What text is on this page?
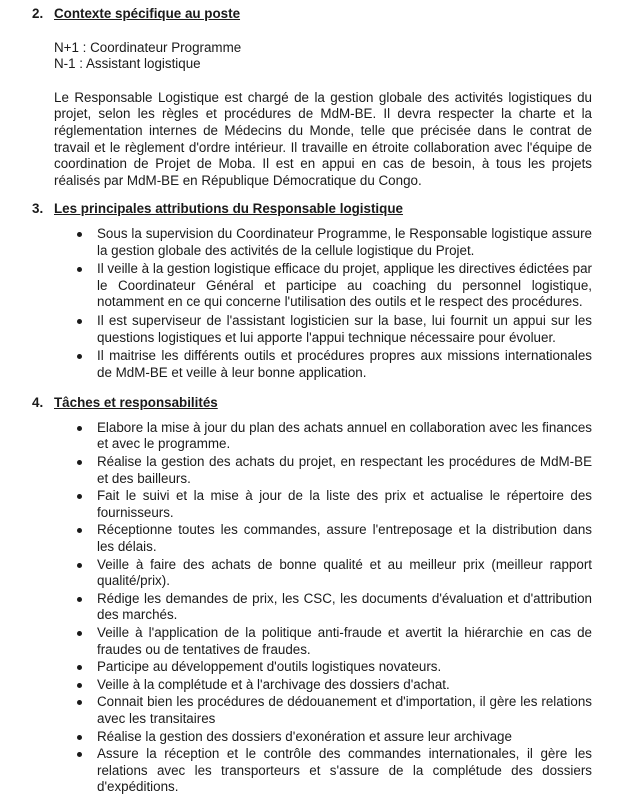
2. Contexte spécifique au poste
N+1 : Coordinateur Programme
N-1 : Assistant logistique

Le Responsable Logistique est chargé de la gestion globale des activités logistiques du projet, selon les règles et procédures de MdM-BE. Il devra respecter la charte et la réglementation internes de Médecins du Monde, telle que précisée dans le contrat de travail et le règlement d'ordre intérieur. Il travaille en étroite collaboration avec l'équipe de coordination de Projet de Moba. Il est en appui en cas de besoin, à tous les projets réalisés par MdM-BE en République Démocratique du Congo.

3. Les principales attributions du Responsable logistique
Sous la supervision du Coordinateur Programme, le Responsable logistique assure la gestion globale des activités de la cellule logistique du Projet.
Il veille à la gestion logistique efficace du projet, applique les directives édictées par le Coordinateur Général et participe au coaching du personnel logistique, notamment en ce qui concerne l'utilisation des outils et le respect des procédures.
Il est superviseur de l'assistant logisticien sur la base, lui fournit un appui sur les questions logistiques et lui apporte l'appui technique nécessaire pour évoluer.
Il maitrise les différents outils et procédures propres aux missions internationales de MdM-BE et veille à leur bonne application.
4. Tâches et responsabilités
Elabore la mise à jour du plan des achats annuel en collaboration avec les finances et avec le programme.
Réalise la gestion des achats du projet, en respectant les procédures de MdM-BE et des bailleurs.
Fait le suivi et la mise à jour de la liste des prix et actualise le répertoire des fournisseurs.
Réceptionne toutes les commandes, assure l'entreposage et la distribution dans les délais.
Veille à faire des achats de bonne qualité et au meilleur prix (meilleur rapport qualité/prix).
Rédige les demandes de prix, les CSC, les documents d'évaluation et d'attribution des marchés.
Veille à l'application de la politique anti-fraude et avertit la hiérarchie en cas de fraudes ou de tentatives de fraudes.
Participe au développement d'outils logistiques novateurs.
Veille à la complétude et à l'archivage des dossiers d'achat.
Connait bien les procédures de dédouanement et d'importation, il gère les relations avec les transitaires
Réalise la gestion des dossiers d'exonération et assure leur archivage
Assure la réception et le contrôle des commandes internationales, il gère les relations avec les transporteurs et s'assure de la complétude des dossiers d'expéditions.
